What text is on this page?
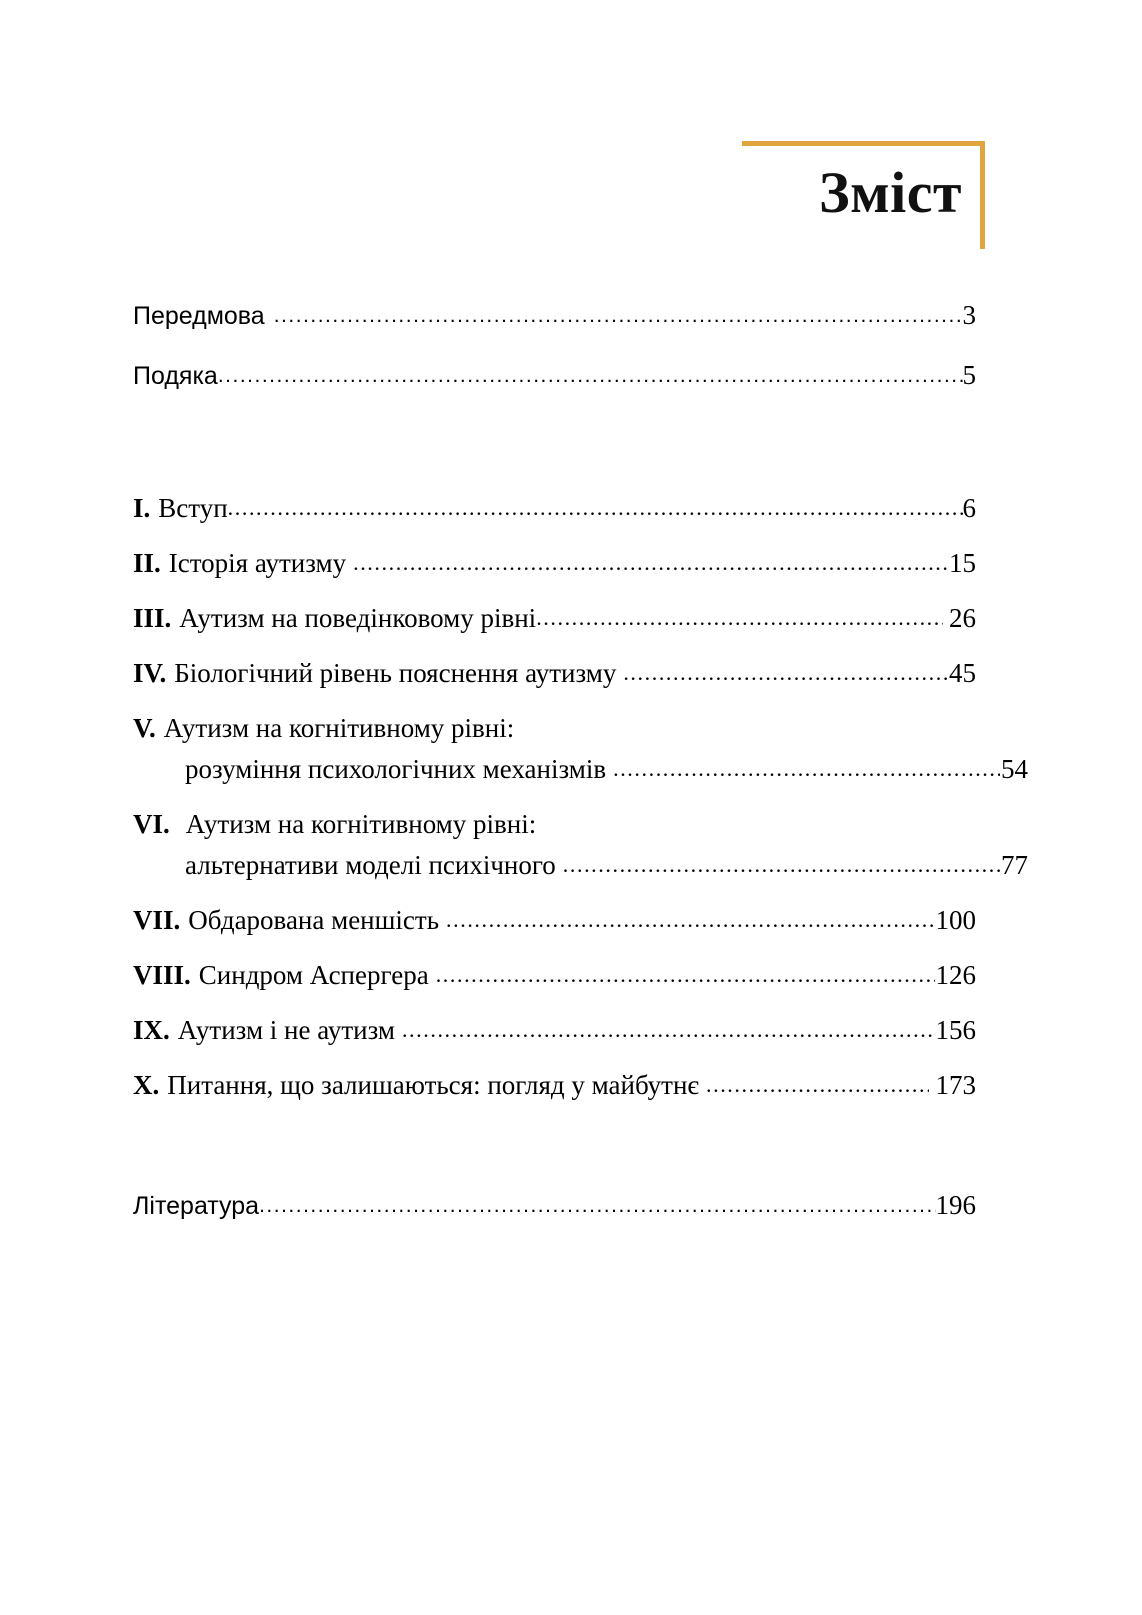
Зміст
Передмова .....	3
Подяка .....	5
I. Вступ .....	6
II. Історія аутизму .....	15
III. Аутизм на поведінковому рівні .....	26
IV. Біологічний рівень пояснення аутизму .....	45
V. Аутизм на когнітивному рівні:
розуміння психологічних механізмів .....	54
VI. Аутизм на когнітивному рівні:
альтернативи моделі психічного .....	77
VII. Обдарована меншість .....	100
VIII. Синдром Аспергера .....	126
IX. Аутизм і не аутизм .....	156
X. Питання, що залишаються: погляд у майбутнє .....	173
Література .....	196
